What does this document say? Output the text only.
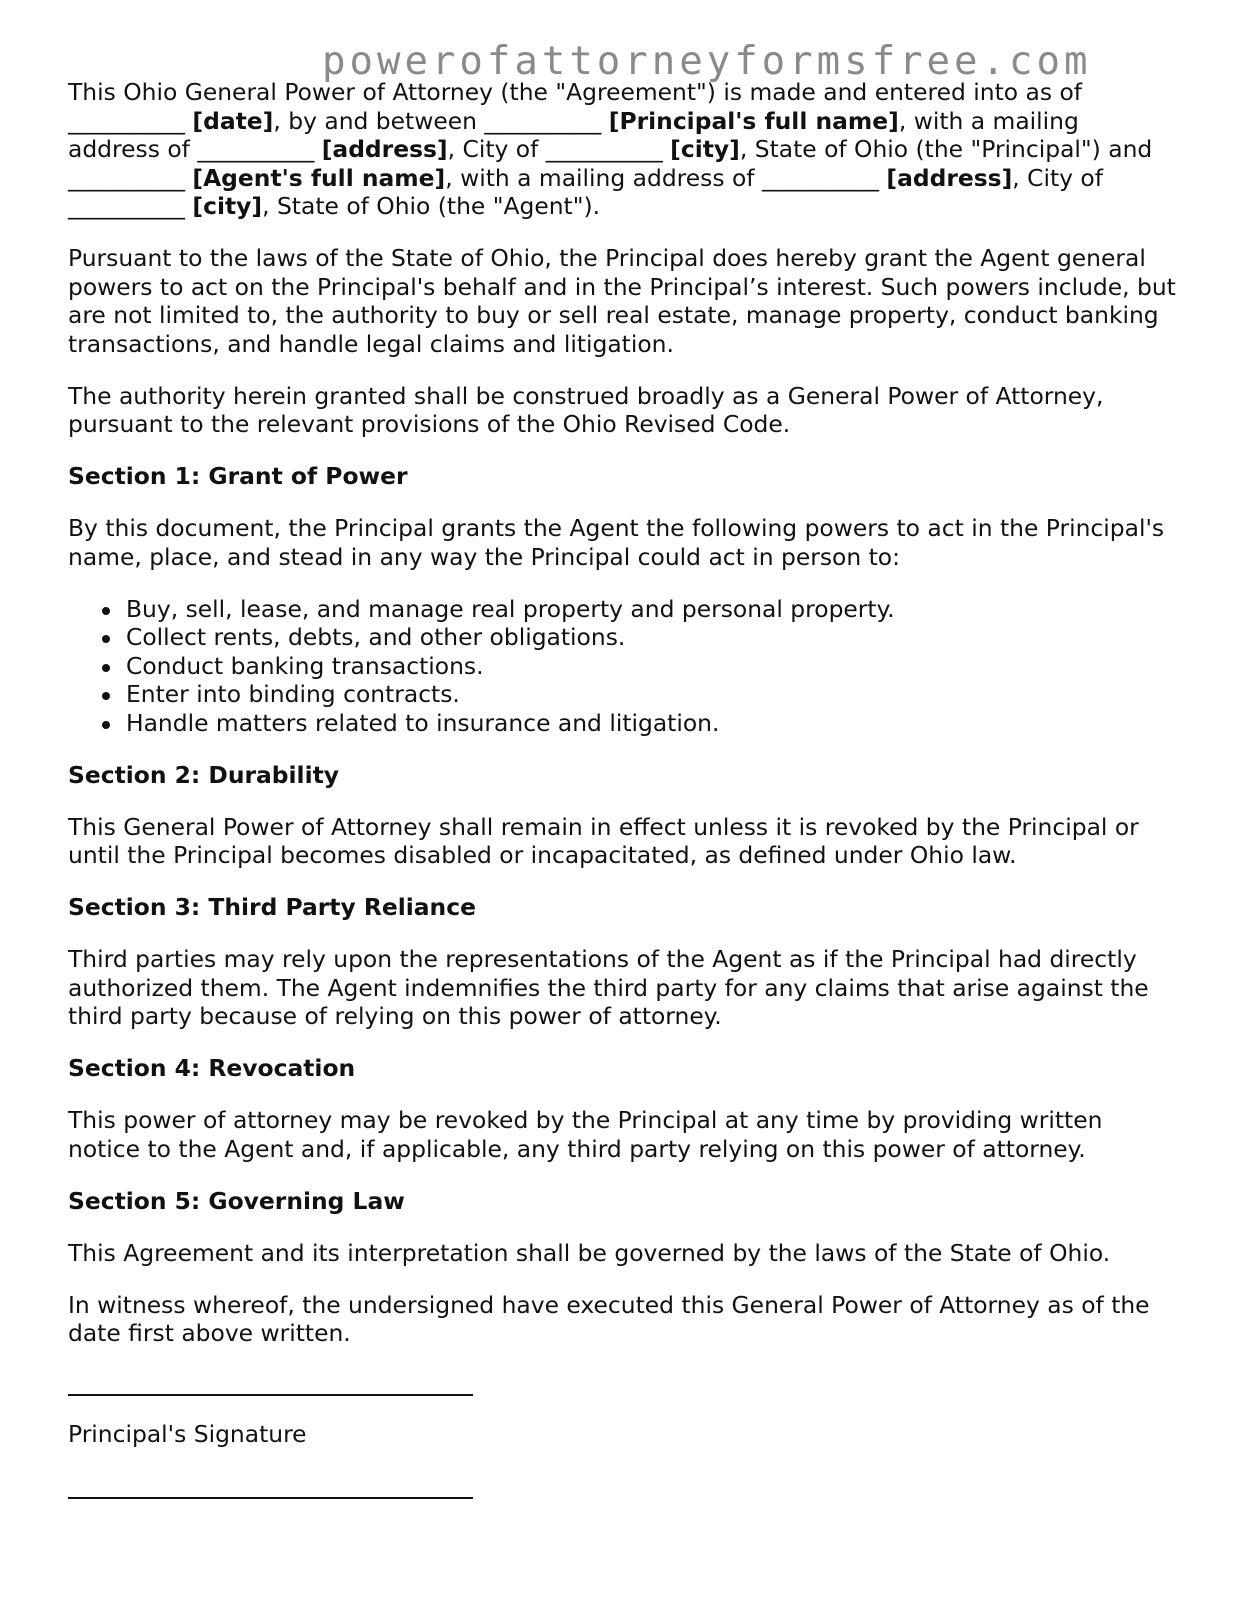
powerofattorneyformsfree.com

This Ohio General Power of Attorney (the "Agreement") is made and entered into as of
__________ [date], by and between __________ [Principal's full name], with a mailing address of __________ [address], City of __________ [city], State of Ohio (the "Principal") and __________ [Agent's full name], with a mailing address of __________ [address], City of __________ [city], State of Ohio (the "Agent").

Pursuant to the laws of the State of Ohio, the Principal does hereby grant the Agent general powers to act on the Principal's behalf and in the Principal’s interest. Such powers include, but are not limited to, the authority to buy or sell real estate, manage property, conduct banking transactions, and handle legal claims and litigation.

The authority herein granted shall be construed broadly as a General Power of Attorney, pursuant to the relevant provisions of the Ohio Revised Code.

Section 1: Grant of Power

By this document, the Principal grants the Agent the following powers to act in the Principal's name, place, and stead in any way the Principal could act in person to:

Buy, sell, lease, and manage real property and personal property.
Collect rents, debts, and other obligations.
Conduct banking transactions.
Enter into binding contracts.
Handle matters related to insurance and litigation.

Section 2: Durability

This General Power of Attorney shall remain in effect unless it is revoked by the Principal or until the Principal becomes disabled or incapacitated, as defined under Ohio law.

Section 3: Third Party Reliance

Third parties may rely upon the representations of the Agent as if the Principal had directly authorized them. The Agent indemnifies the third party for any claims that arise against the third party because of relying on this power of attorney.

Section 4: Revocation

This power of attorney may be revoked by the Principal at any time by providing written notice to the Agent and, if applicable, any third party relying on this power of attorney.

Section 5: Governing Law

This Agreement and its interpretation shall be governed by the laws of the State of Ohio.

In witness whereof, the undersigned have executed this General Power of Attorney as of the date first above written.

Principal's Signature
